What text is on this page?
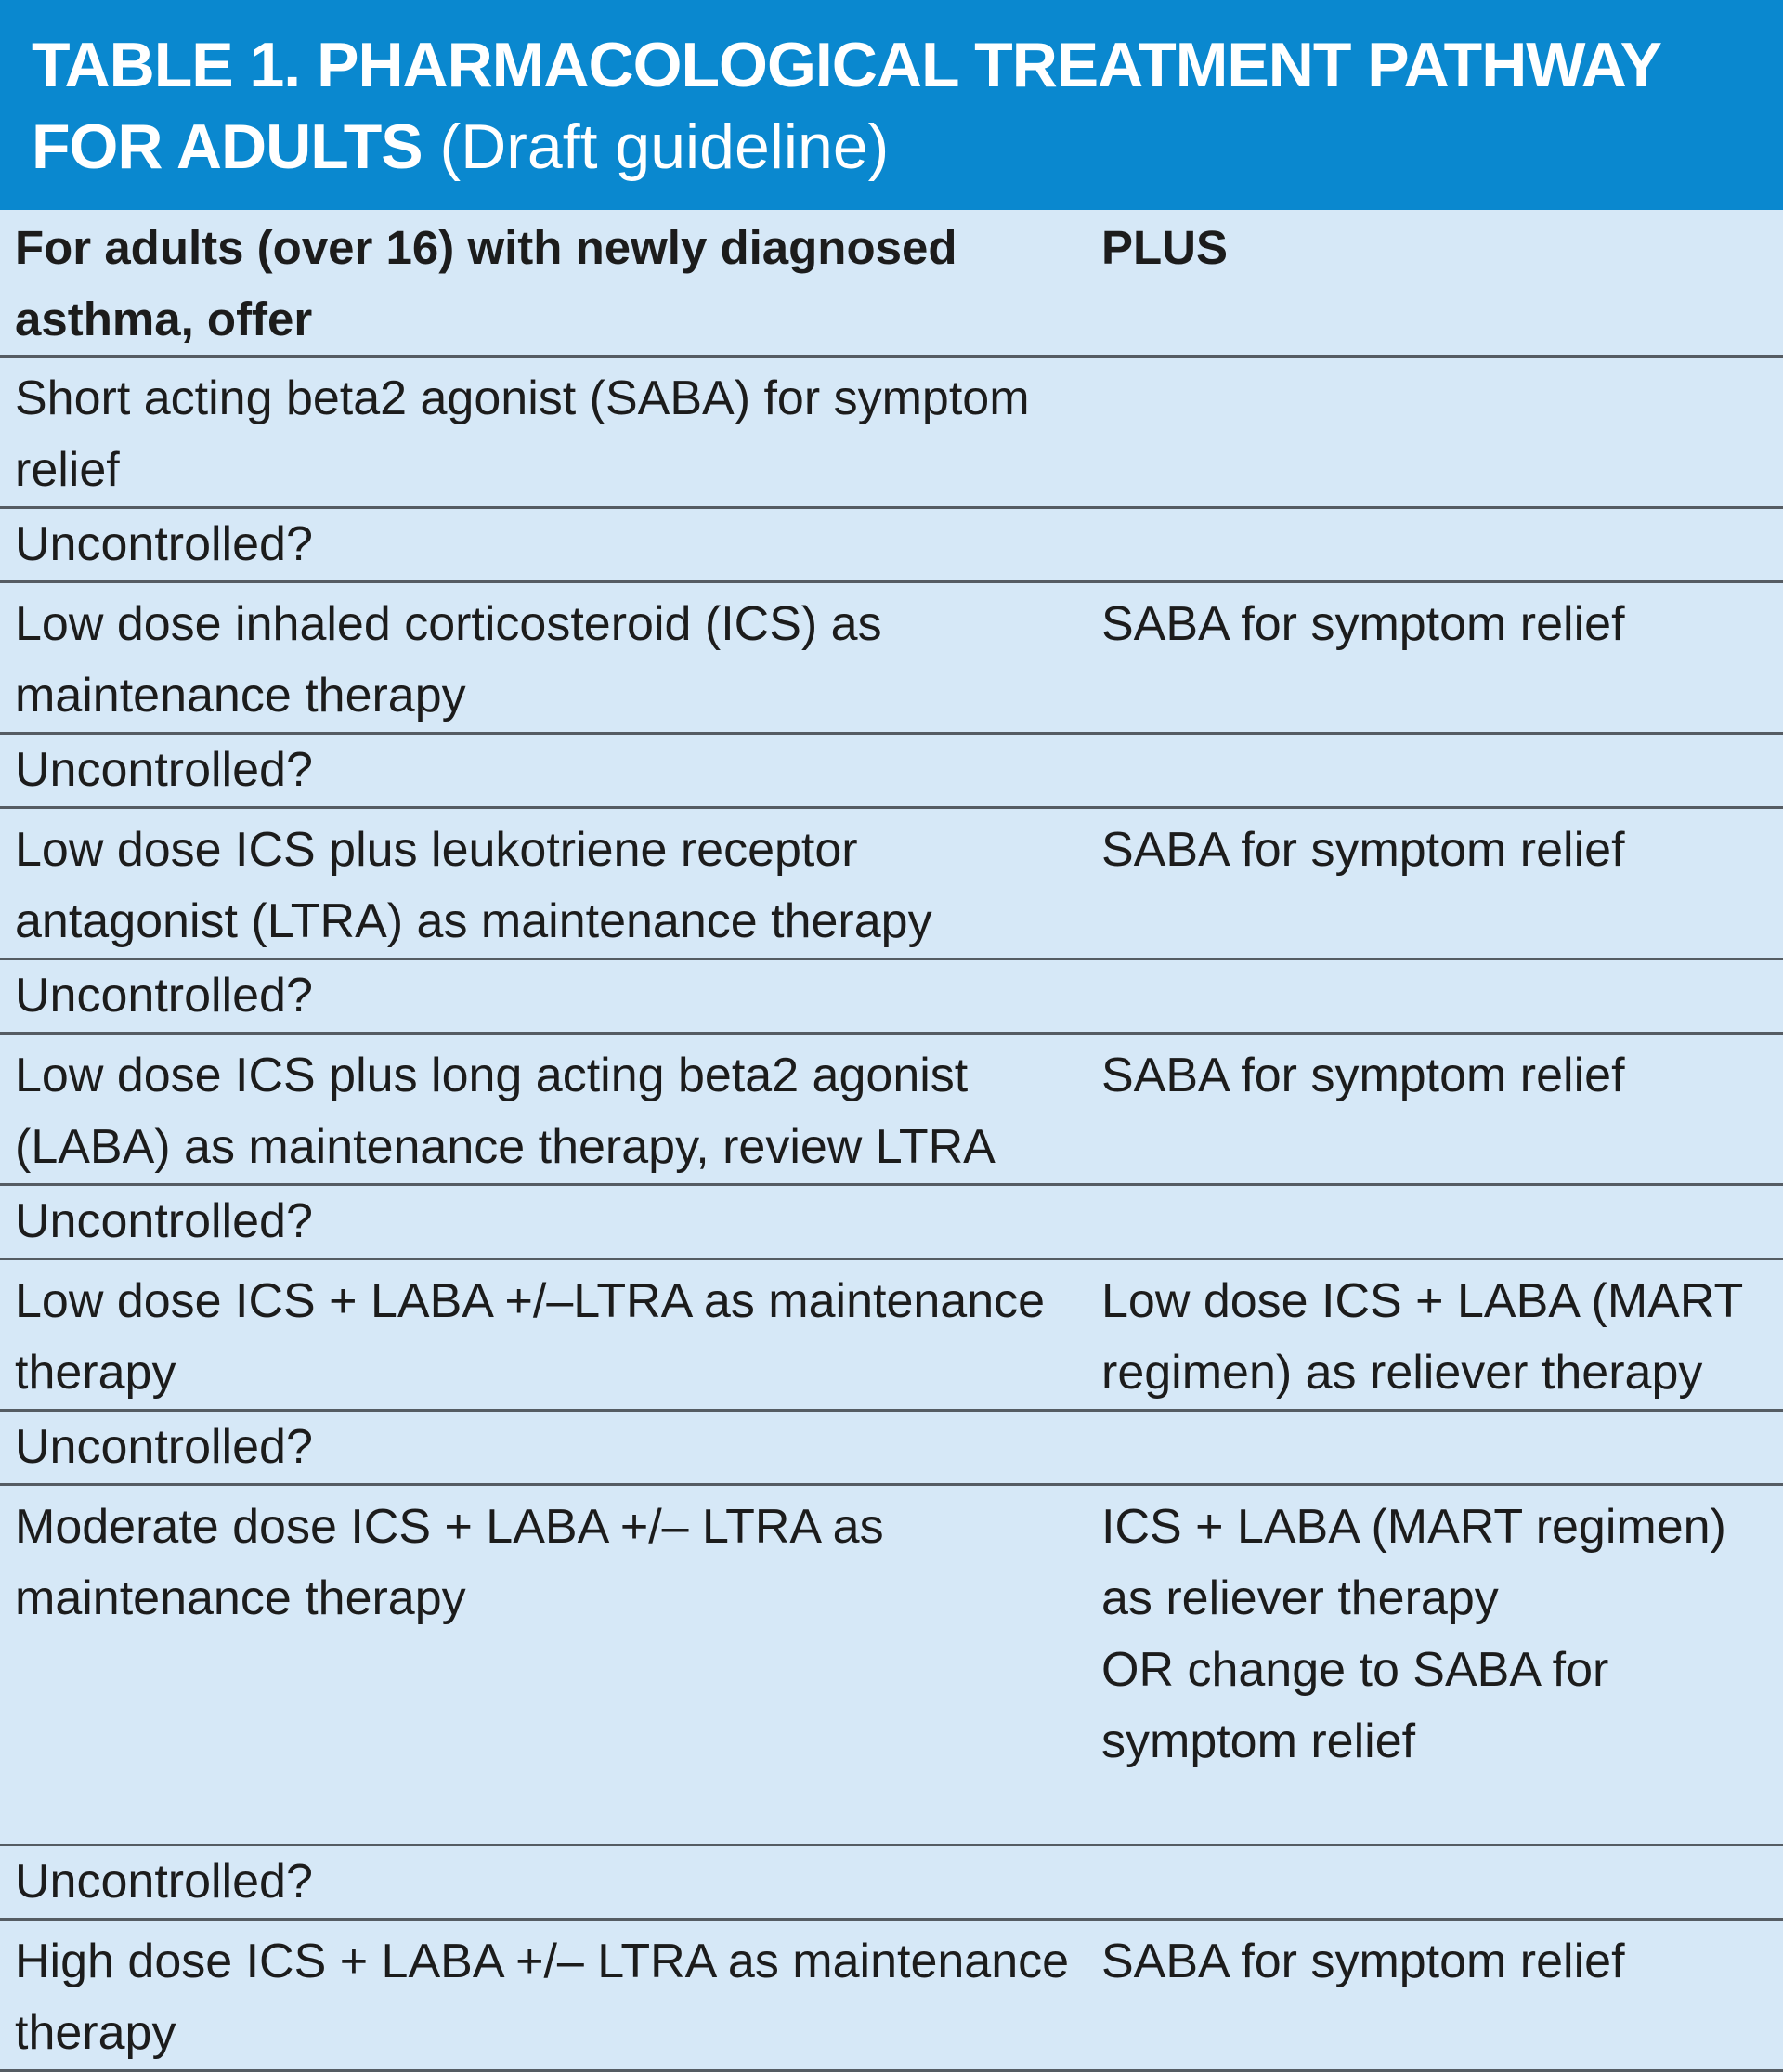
TABLE 1. PHARMACOLOGICAL TREATMENT PATHWAY
FOR ADULTS (Draft guideline)
For adults (over 16) with newly diagnosed asthma, offer	PLUS
Short acting beta2 agonist (SABA) for symptom relief	
Uncontrolled?	
Low dose inhaled corticosteroid (ICS) as maintenance therapy	SABA for symptom relief
Uncontrolled?	
Low dose ICS plus leukotriene receptor antagonist (LTRA) as maintenance therapy	SABA for symptom relief
Uncontrolled?	
Low dose ICS plus long acting beta2 agonist (LABA) as maintenance therapy, review LTRA	SABA for symptom relief
Uncontrolled?	
Low dose ICS + LABA +/–LTRA as maintenance therapy	Low dose ICS + LABA (MART regimen) as reliever therapy
Uncontrolled?	
Moderate dose ICS + LABA +/– LTRA as maintenance therapy	ICS + LABA (MART regimen) as reliever therapy
OR change to SABA for symptom relief

Uncontrolled?	
High dose ICS + LABA +/– LTRA as maintenance therapy	SABA for symptom relief
